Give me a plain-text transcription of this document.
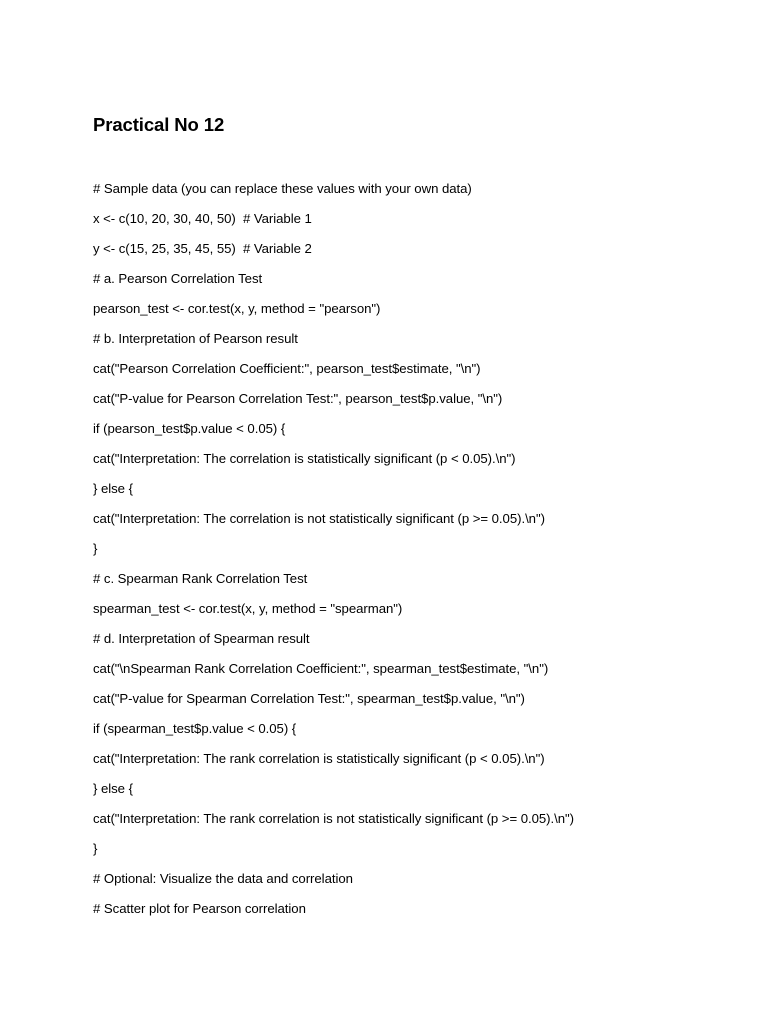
Practical No 12
# Sample data (you can replace these values with your own data)
x <- c(10, 20, 30, 40, 50)  # Variable 1
y <- c(15, 25, 35, 45, 55)  # Variable 2
# a. Pearson Correlation Test
pearson_test <- cor.test(x, y, method = "pearson")
# b. Interpretation of Pearson result
cat("Pearson Correlation Coefficient:", pearson_test$estimate, "\n")
cat("P-value for Pearson Correlation Test:", pearson_test$p.value, "\n")
if (pearson_test$p.value < 0.05) {
cat("Interpretation: The correlation is statistically significant (p < 0.05).\n")
} else {
cat("Interpretation: The correlation is not statistically significant (p >= 0.05).\n")
}
# c. Spearman Rank Correlation Test
spearman_test <- cor.test(x, y, method = "spearman")
# d. Interpretation of Spearman result
cat("\nSpearman Rank Correlation Coefficient:", spearman_test$estimate, "\n")
cat("P-value for Spearman Correlation Test:", spearman_test$p.value, "\n")
if (spearman_test$p.value < 0.05) {
cat("Interpretation: The rank correlation is statistically significant (p < 0.05).\n")
} else {
cat("Interpretation: The rank correlation is not statistically significant (p >= 0.05).\n")
}
# Optional: Visualize the data and correlation
# Scatter plot for Pearson correlation
